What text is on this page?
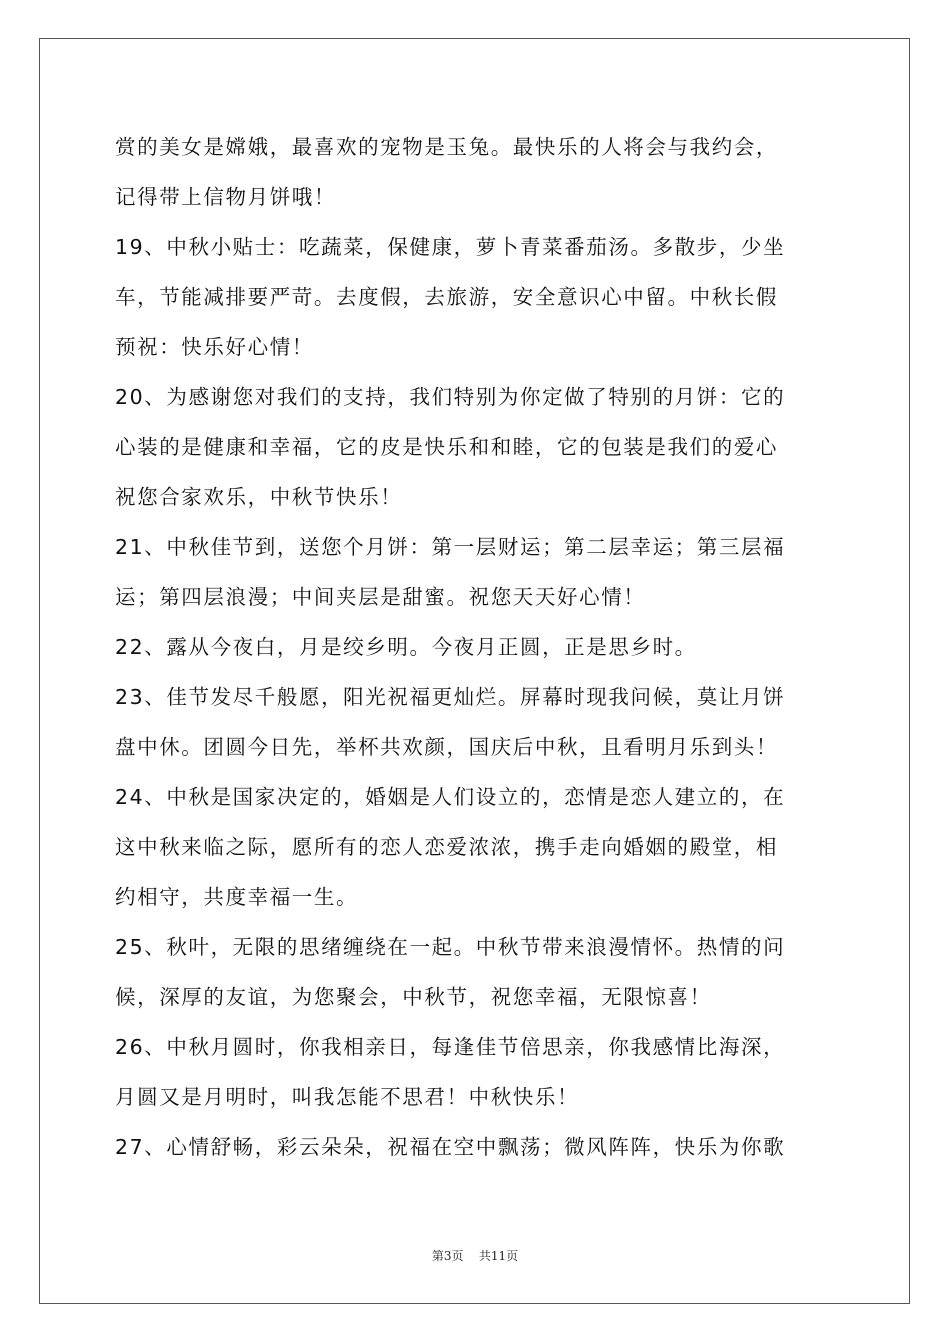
赏的美女是嫦娥，最喜欢的宠物是玉兔。最快乐的人将会与我约会，
记得带上信物月饼哦！
19、中秋小贴士：吃蔬菜，保健康，萝卜青菜番茄汤。多散步，少坐
车，节能减排要严苛。去度假，去旅游，安全意识心中留。中秋长假
预祝：快乐好心情！
20、为感谢您对我们的支持，我们特别为你定做了特别的月饼：它的
心装的是健康和幸福，它的皮是快乐和和睦，它的包装是我们的爱心
祝您合家欢乐，中秋节快乐！
21、中秋佳节到，送您个月饼：第一层财运；第二层幸运；第三层福
运；第四层浪漫；中间夹层是甜蜜。祝您天天好心情！
22、露从今夜白，月是绞乡明。今夜月正圆，正是思乡时。
23、佳节发尽千般愿，阳光祝福更灿烂。屏幕时现我问候，莫让月饼
盘中休。团圆今日先，举杯共欢颜，国庆后中秋，且看明月乐到头！
24、中秋是国家决定的，婚姻是人们设立的，恋情是恋人建立的，在
这中秋来临之际，愿所有的恋人恋爱浓浓，携手走向婚姻的殿堂，相
约相守，共度幸福一生。
25、秋叶，无限的思绪缠绕在一起。中秋节带来浪漫情怀。热情的问
候，深厚的友谊，为您聚会，中秋节，祝您幸福，无限惊喜！
26、中秋月圆时，你我相亲日，每逢佳节倍思亲，你我感情比海深，
月圆又是月明时，叫我怎能不思君！中秋快乐！
27、心情舒畅，彩云朵朵，祝福在空中飘荡；微风阵阵，快乐为你歌
第3页 共11页
